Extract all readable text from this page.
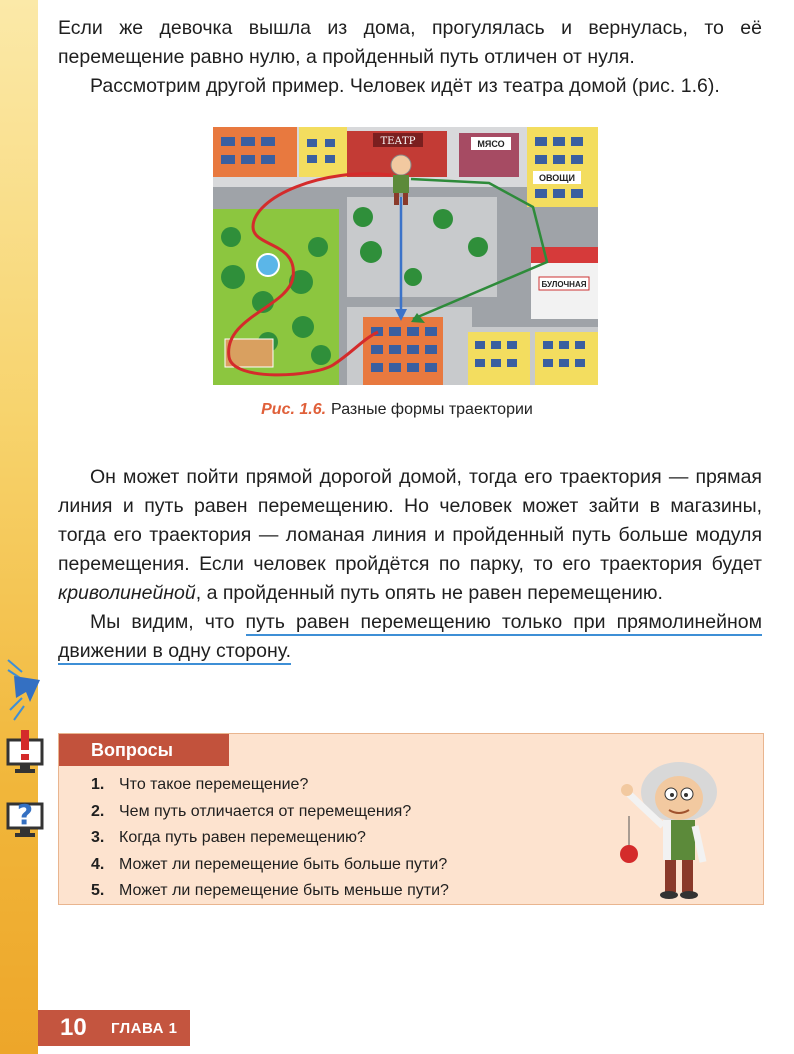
Если же девочка вышла из дома, прогулялась и вернулась, то её перемещение равно нулю, а пройденный путь отличен от нуля.

Рассмотрим другой пример. Человек идёт из театра домой (рис. 1.6).

ТЕАТР	МЯСО
ОВОЩИ
БУЛОЧНАЯ
Рис. 1.6. Разные формы траектории

Он может пойти прямой дорогой домой, тогда его траектория — прямая линия и путь равен перемещению. Но человек может зайти в магазины, тогда его траектория — ломаная линия и пройденный путь больше модуля перемещения. Если человек пройдётся по парку, то его траектория будет криволинейной, а пройденный путь опять не равен перемещению.

Мы видим, что путь равен перемещению только при прямолинейном движении в одну сторону.

?
Вопросы
1. Что такое перемещение?
2. Чем путь отличается от перемещения?
3. Когда путь равен перемещению?
4. Может ли перемещение быть больше пути?
5. Может ли перемещение быть меньше пути?
10 ГЛАВА 1
